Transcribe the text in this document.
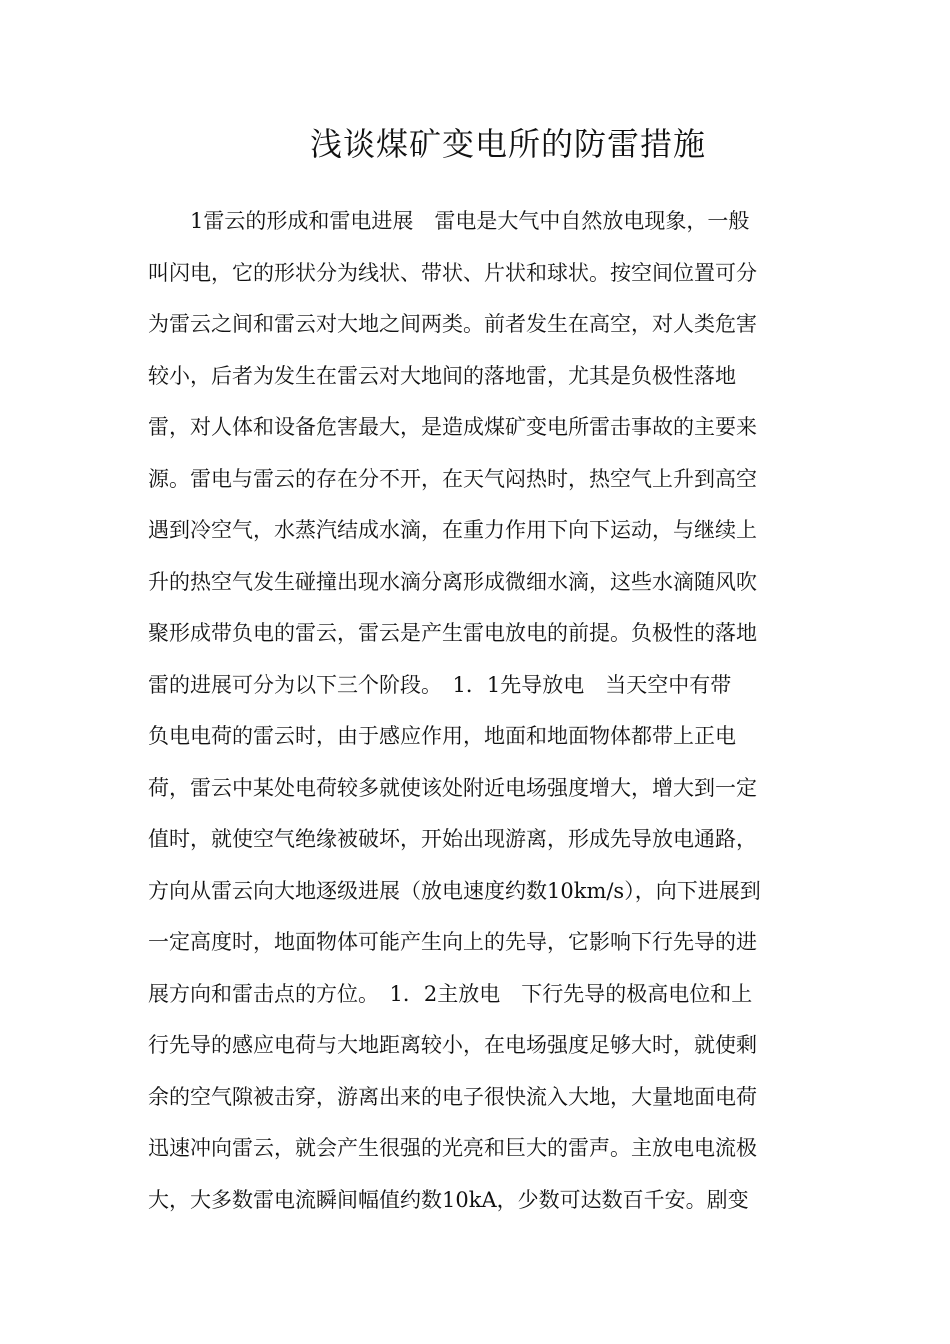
浅谈煤矿变电所的防雷措施
　　1雷云的形成和雷电进展　雷电是大气中自然放电现象，一般
叫闪电，它的形状分为线状、带状、片状和球状。按空间位置可分
为雷云之间和雷云对大地之间两类。前者发生在高空，对人类危害
较小，后者为发生在雷云对大地间的落地雷，尤其是负极性落地
雷，对人体和设备危害最大，是造成煤矿变电所雷击事故的主要来
源。雷电与雷云的存在分不开，在天气闷热时，热空气上升到高空
遇到冷空气，水蒸汽结成水滴，在重力作用下向下运动，与继续上
升的热空气发生碰撞出现水滴分离形成微细水滴，这些水滴随风吹
聚形成带负电的雷云，雷云是产生雷电放电的前提。负极性的落地
雷的进展可分为以下三个阶段。　1．1先导放电　当天空中有带
负电电荷的雷云时，由于感应作用，地面和地面物体都带上正电
荷，雷云中某处电荷较多就使该处附近电场强度增大，增大到一定
值时，就使空气绝缘被破坏，开始出现游离，形成先导放电通路，
方向从雷云向大地逐级进展（放电速度约数10km/s），向下进展到
一定高度时，地面物体可能产生向上的先导，它影响下行先导的进
展方向和雷击点的方位。　1．2主放电　下行先导的极高电位和上
行先导的感应电荷与大地距离较小，在电场强度足够大时，就使剩
余的空气隙被击穿，游离出来的电子很快流入大地，大量地面电荷
迅速冲向雷云，就会产生很强的光亮和巨大的雷声。主放电电流极
大，大多数雷电流瞬间幅值约数10kA，少数可达数百千安。剧变
